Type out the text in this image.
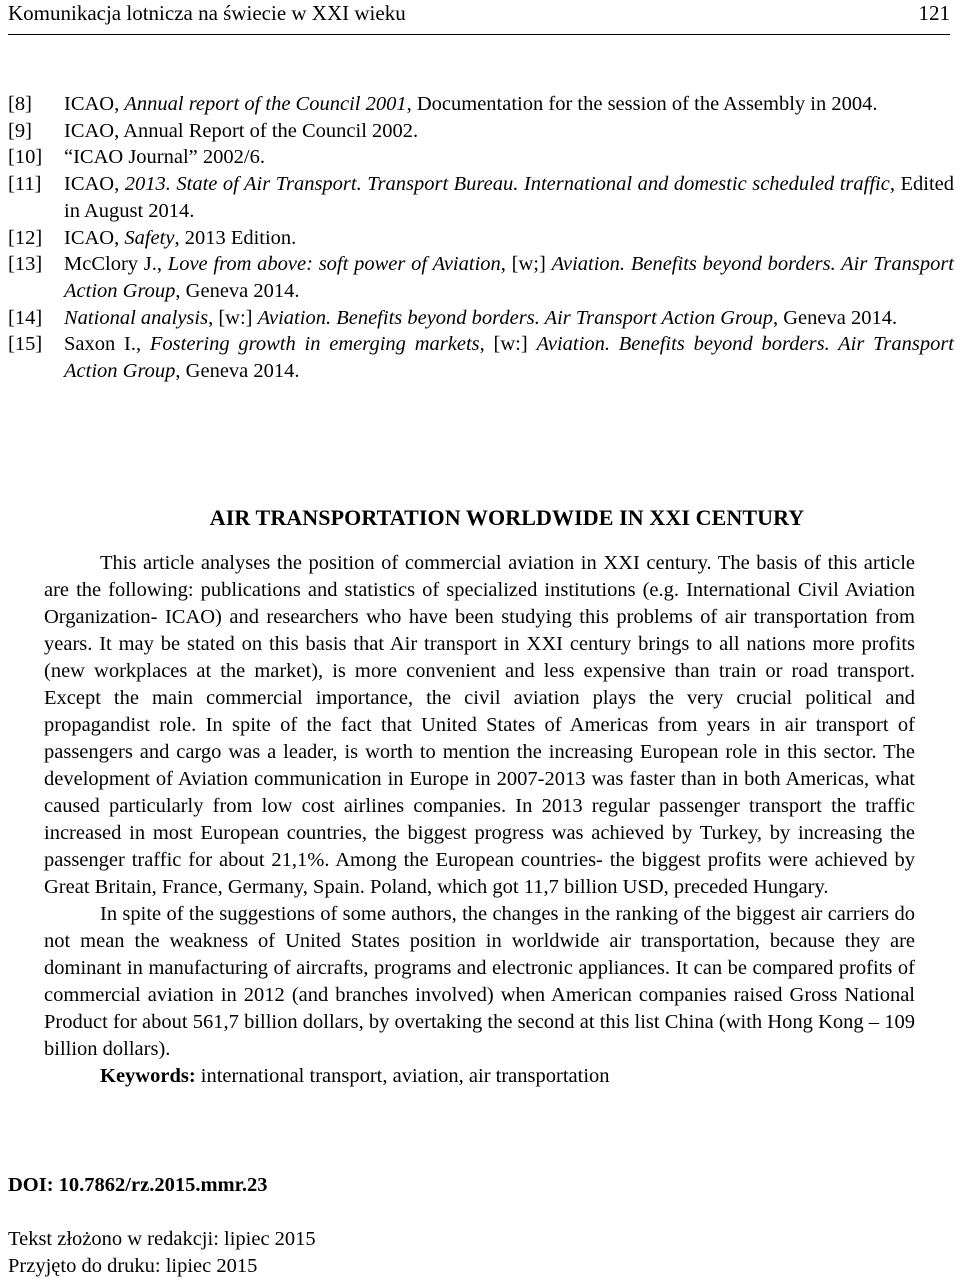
Komunikacja lotnicza na świecie w XXI wieku	121
[8]	ICAO, Annual report of the Council 2001, Documentation for the session of the Assembly in 2004.
[9]	ICAO, Annual Report of the Council 2002.
[10]	“ICAO Journal” 2002/6.
[11]	ICAO, 2013. State of Air Transport. Transport Bureau. International and domestic scheduled traffic, Edited in August 2014.
[12]	ICAO, Safety, 2013 Edition.
[13]	McClory J., Love from above: soft power of Aviation, [w;] Aviation. Benefits beyond borders. Air Transport Action Group, Geneva 2014.
[14]	National analysis, [w:] Aviation. Benefits beyond borders. Air Transport Action Group, Geneva 2014.
[15]	Saxon I., Fostering growth in emerging markets, [w:] Aviation. Benefits beyond borders. Air Transport Action Group, Geneva 2014.
AIR TRANSPORTATION WORLDWIDE IN XXI CENTURY

This article analyses the position of commercial aviation in XXI century. The basis of this article are the following: publications and statistics of specialized institutions (e.g. International Civil Aviation Organization- ICAO) and researchers who have been studying this problems of air transportation from years. It may be stated on this basis that Air transport in XXI century brings to all nations more profits (new workplaces at the market), is more convenient and less expensive than train or road transport. Except the main commercial importance, the civil aviation plays the very crucial political and propagandist role. In spite of the fact that United States of Americas from years in air transport of passengers and cargo was a leader, is worth to mention the increasing European role in this sector. The development of Aviation communication in Europe in 2007-2013 was faster than in both Americas, what caused particularly from low cost airlines companies. In 2013 regular passenger transport the traffic increased in most European countries, the biggest progress was achieved by Turkey, by increasing the passenger traffic for about 21,1%. Among the European countries- the biggest profits were achieved by Great Britain, France, Germany, Spain. Poland, which got 11,7 billion USD, preceded Hungary.

In spite of the suggestions of some authors, the changes in the ranking of the biggest air carriers do not mean the weakness of United States position in worldwide air transportation, because they are dominant in manufacturing of aircrafts, programs and electronic appliances. It can be compared profits of commercial aviation in 2012 (and branches involved) when American companies raised Gross National Product for about 561,7 billion dollars, by overtaking the second at this list China (with Hong Kong – 109 billion dollars).

Keywords: international transport, aviation, air transportation

DOI: 10.7862/rz.2015.mmr.23
Tekst złożono w redakcji: lipiec 2015
Przyjęto do druku: lipiec 2015
